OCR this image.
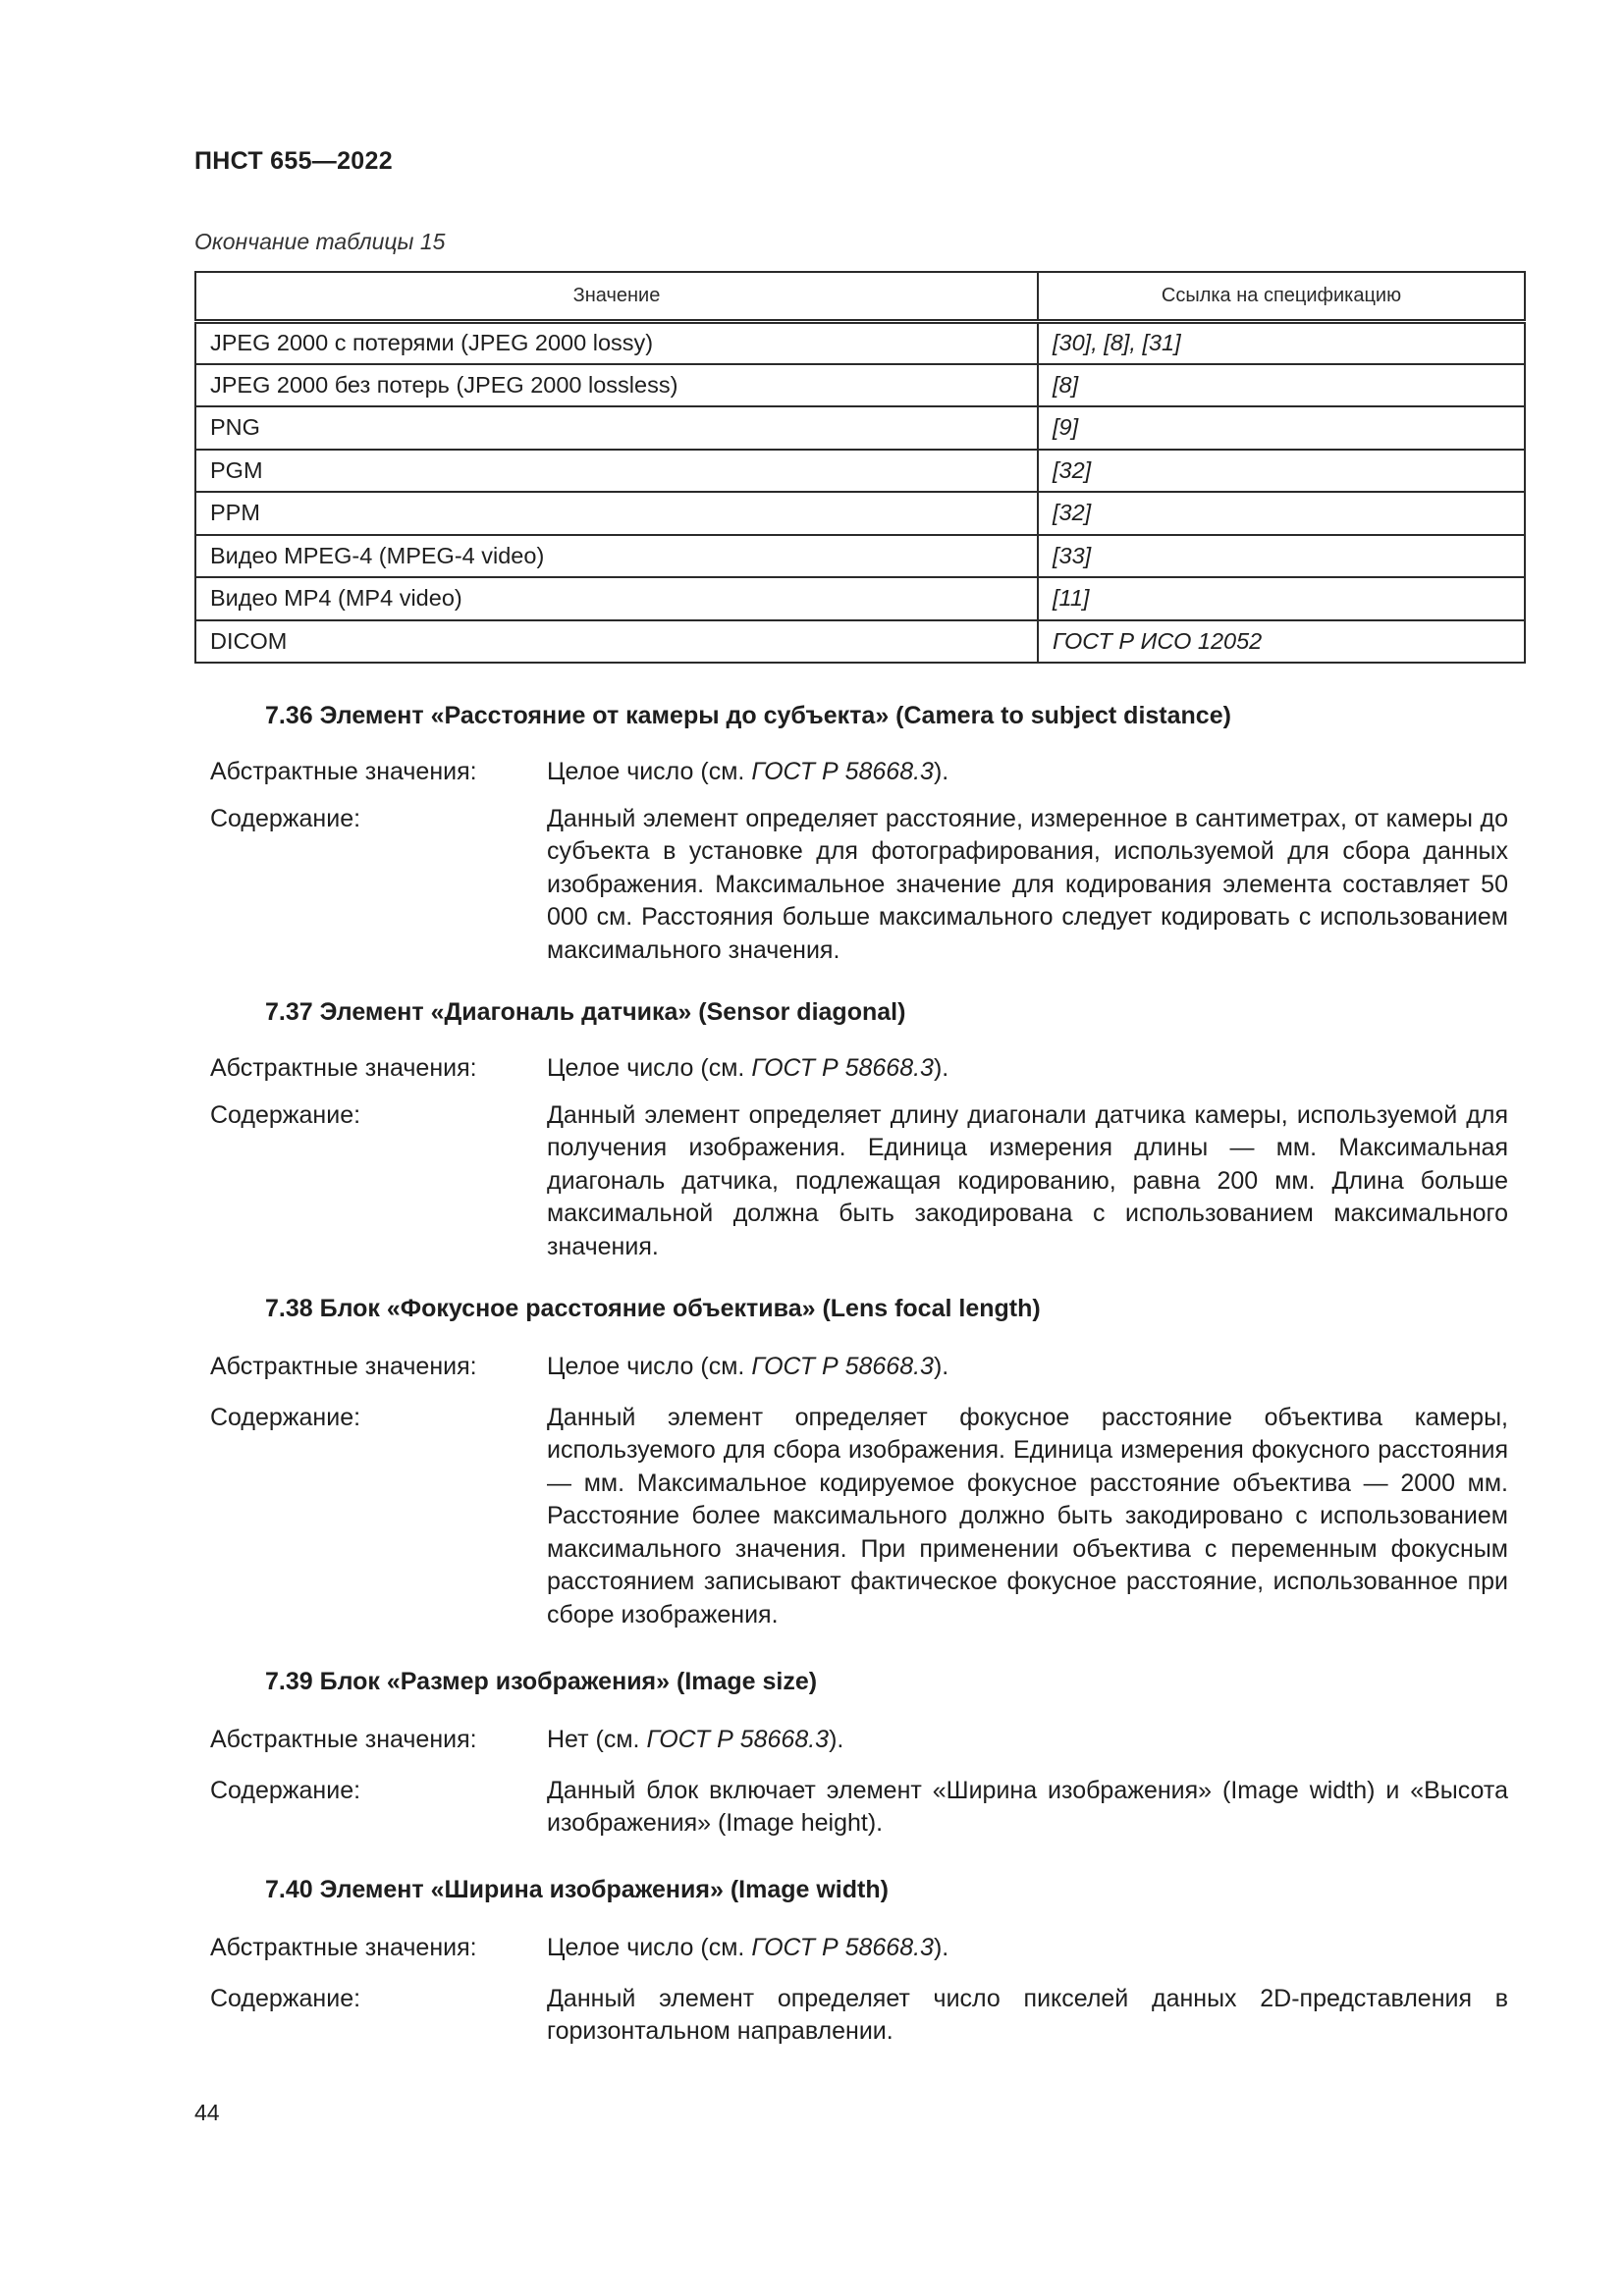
ПНСТ 655—2022
Окончание таблицы 15
Значение	Ссылка на спецификацию
JPEG 2000 с потерями (JPEG 2000 lossy)	[30], [8], [31]
JPEG 2000 без потерь (JPEG 2000 lossless)	[8]
PNG	[9]
PGM	[32]
PPM	[32]
Видео MPEG-4 (MPEG-4 video)	[33]
Видео MP4 (MP4 video)	[11]
DICOM	ГОСТ Р ИСО 12052
7.36 Элемент «Расстояние от камеры до субъекта» (Camera to subject distance)
Абстрактные значения:	Целое число (см. ГОСТ Р 58668.3).
Содержание:	Данный элемент определяет расстояние, измеренное в сантиметрах, от камеры до субъекта в установке для фотографирования, используемой для сбора данных изображения. Максимальное значение для кодирования элемента составляет 50 000 см. Расстояния больше максимального следует кодировать с использованием максимального значения.
7.37 Элемент «Диагональ датчика» (Sensor diagonal)
Абстрактные значения:	Целое число (см. ГОСТ Р 58668.3).
Содержание:	Данный элемент определяет длину диагонали датчика камеры, используемой для получения изображения. Единица измерения длины — мм. Максимальная диагональ датчика, подлежащая кодированию, равна 200 мм. Длина больше максимальной должна быть закодирована с использованием максимального значения.
7.38 Блок «Фокусное расстояние объектива» (Lens focal length)
Абстрактные значения:	Целое число (см. ГОСТ Р 58668.3).
Содержание:	Данный элемент определяет фокусное расстояние объектива камеры, используемого для сбора изображения. Единица измерения фокусного расстояния — мм. Максимальное кодируемое фокусное расстояние объектива — 2000 мм. Расстояние более максимального должно быть закодировано с использованием максимального значения. При применении объектива с переменным фокусным расстоянием записывают фактическое фокусное расстояние, использованное при сборе изображения.
7.39 Блок «Размер изображения» (Image size)
Абстрактные значения:	Нет (см. ГОСТ Р 58668.3).
Содержание:	Данный блок включает элемент «Ширина изображения» (Image width) и «Высота изображения» (Image height).
7.40 Элемент «Ширина изображения» (Image width)
Абстрактные значения:	Целое число (см. ГОСТ Р 58668.3).
Содержание:	Данный элемент определяет число пикселей данных 2D-представления в горизонтальном направлении.
44
